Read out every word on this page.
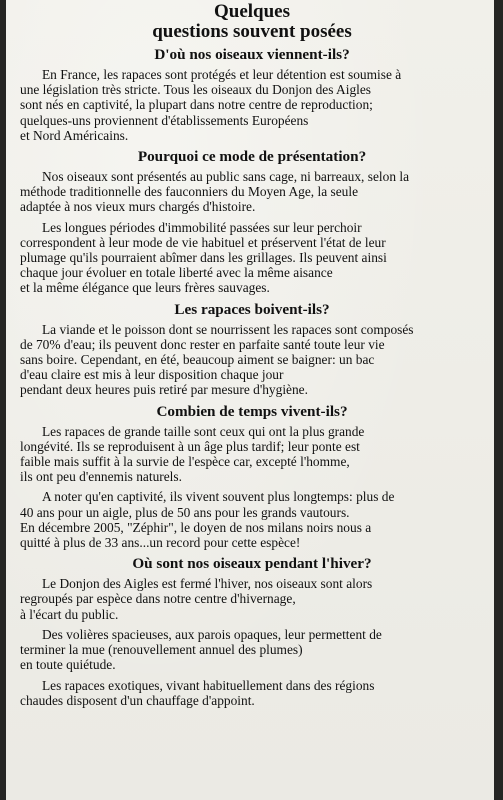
Quelques
questions souvent posées
D'où nos oiseaux viennent-ils?

En France, les rapaces sont protégés et leur détention est soumise à
une législation très stricte. Tous les oiseaux du Donjon des Aigles
sont nés en captivité, la plupart dans notre centre de reproduction;
quelques-uns proviennent d'établissements Européens
et Nord Américains.

Pourquoi ce mode de présentation?

Nos oiseaux sont présentés au public sans cage, ni barreaux, selon la
méthode traditionnelle des fauconniers du Moyen Age, la seule
adaptée à nos vieux murs chargés d'histoire.

Les longues périodes d'immobilité passées sur leur perchoir
correspondent à leur mode de vie habituel et préservent l'état de leur
plumage qu'ils pourraient abîmer dans les grillages. Ils peuvent ainsi
chaque jour évoluer en totale liberté avec la même aisance
et la même élégance que leurs frères sauvages.

Les rapaces boivent-ils?

La viande et le poisson dont se nourrissent les rapaces sont composés
de 70% d'eau; ils peuvent donc rester en parfaite santé toute leur vie
sans boire. Cependant, en été, beaucoup aiment se baigner: un bac
d'eau claire est mis à leur disposition chaque jour
pendant deux heures puis retiré par mesure d'hygiène.

Combien de temps vivent-ils?

Les rapaces de grande taille sont ceux qui ont la plus grande
longévité. Ils se reproduisent à un âge plus tardif; leur ponte est
faible mais suffit à la survie de l'espèce car, excepté l'homme,
ils ont peu d'ennemis naturels.

A noter qu'en captivité, ils vivent souvent plus longtemps: plus de
40 ans pour un aigle, plus de 50 ans pour les grands vautours.
En décembre 2005, "Zéphir", le doyen de nos milans noirs nous a
quitté à plus de 33 ans...un record pour cette espèce!

Où sont nos oiseaux pendant l'hiver?

Le Donjon des Aigles est fermé l'hiver, nos oiseaux sont alors
regroupés par espèce dans notre centre d'hivernage,
à l'écart du public.

Des volières spacieuses, aux parois opaques, leur permettent de
terminer la mue (renouvellement annuel des plumes)
en toute quiétude.

Les rapaces exotiques, vivant habituellement dans des régions
chaudes disposent d'un chauffage d'appoint.
